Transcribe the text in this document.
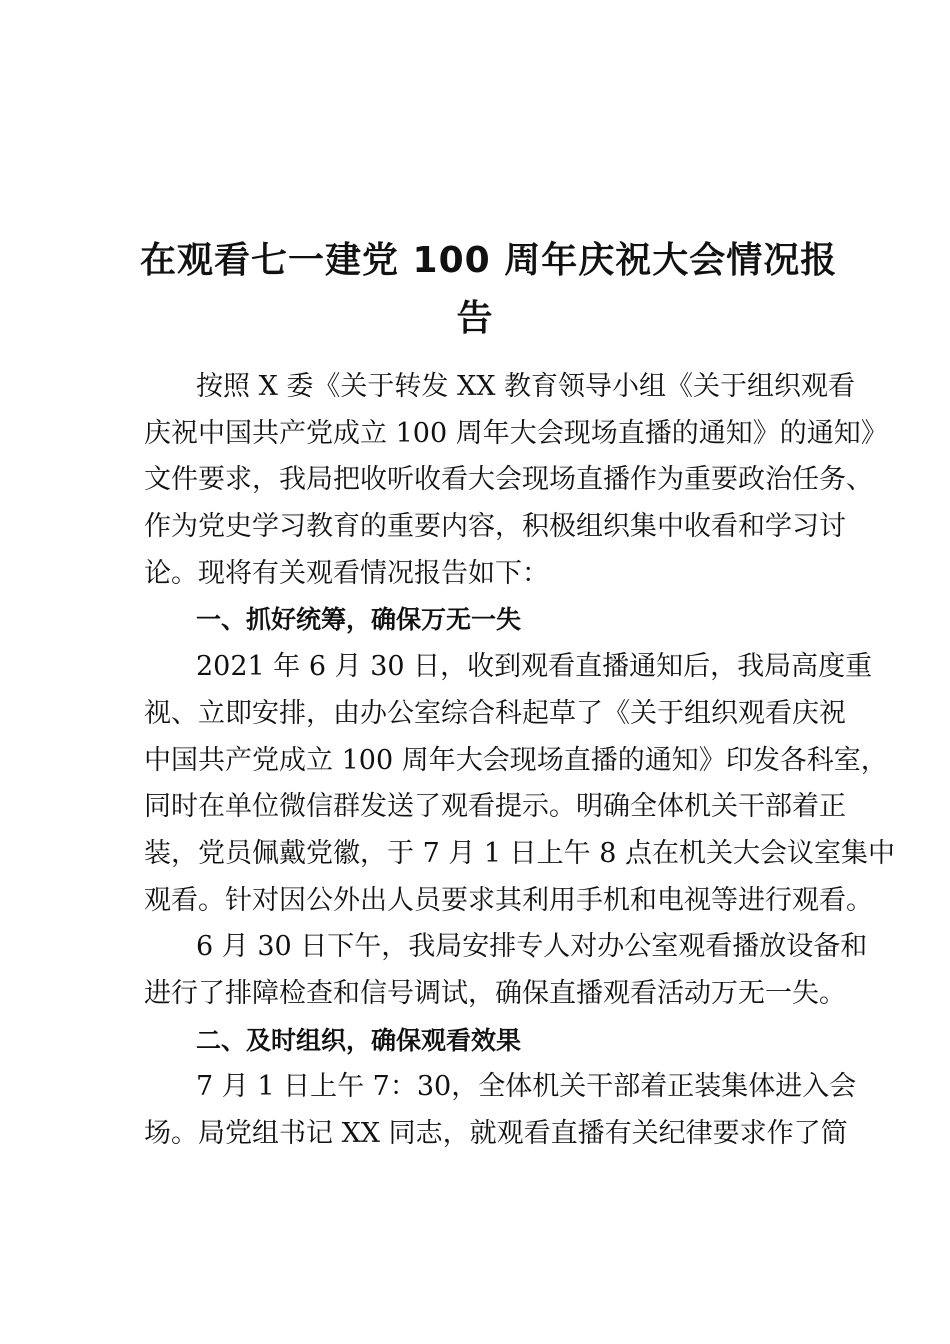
在观看七一建党 100 周年庆祝大会情况报
告
按照 X 委《关于转发 XX 教育领导小组《关于组织观看
庆祝中国共产党成立 100 周年大会现场直播的通知》的通知》
文件要求，我局把收听收看大会现场直播作为重要政治任务、
作为党史学习教育的重要内容，积极组织集中收看和学习讨
论。现将有关观看情况报告如下：
一、抓好统筹，确保万无一失
2021 年 6 月 30 日，收到观看直播通知后，我局高度重
视、立即安排，由办公室综合科起草了《关于组织观看庆祝
中国共产党成立 100 周年大会现场直播的通知》印发各科室，
同时在单位微信群发送了观看提示。明确全体机关干部着正
装，党员佩戴党徽，于 7 月 1 日上午 8 点在机关大会议室集中
观看。针对因公外出人员要求其利用手机和电视等进行观看。
6 月 30 日下午，我局安排专人对办公室观看播放设备和
进行了排障检查和信号调试，确保直播观看活动万无一失。
二、及时组织，确保观看效果
7 月 1 日上午 7：30，全体机关干部着正装集体进入会
场。局党组书记 XX 同志，就观看直播有关纪律要求作了简
